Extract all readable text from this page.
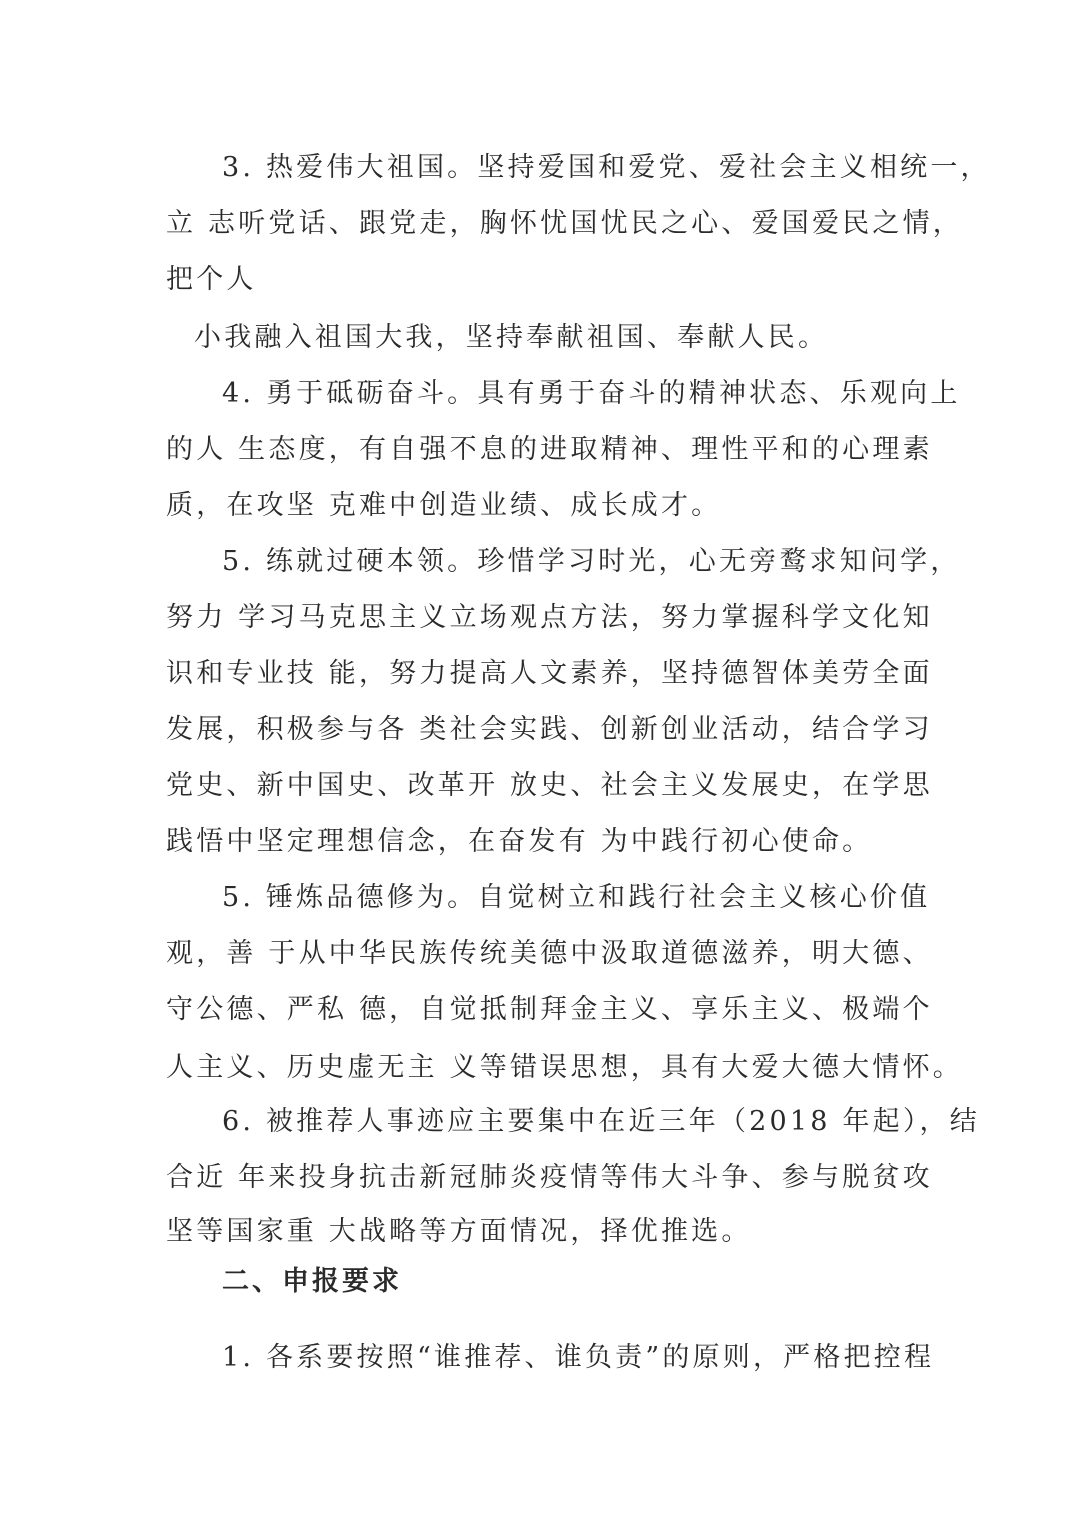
3. 热爱伟大祖国。坚持爱国和爱党、爱社会主义相统一，
立 志听党话、跟党走，胸怀忧国忧民之心、爱国爱民之情，
把个人
小我融入祖国大我，坚持奉献祖国、奉献人民。
4. 勇于砥砺奋斗。具有勇于奋斗的精神状态、乐观向上
的人 生态度，有自强不息的进取精神、理性平和的心理素
质，在攻坚 克难中创造业绩、成长成才。
5. 练就过硬本领。珍惜学习时光，心无旁鹜求知问学，
努力 学习马克思主义立场观点方法，努力掌握科学文化知
识和专业技 能，努力提高人文素养，坚持德智体美劳全面
发展，积极参与各 类社会实践、创新创业活动，结合学习
党史、新中国史、改革开 放史、社会主义发展史，在学思
践悟中坚定理想信念，在奋发有 为中践行初心使命。
5. 锤炼品德修为。自觉树立和践行社会主义核心价值
观，善 于从中华民族传统美德中汲取道德滋养，明大德、
守公德、严私 德，自觉抵制拜金主义、享乐主义、极端个
人主义、历史虚无主 义等错误思想，具有大爱大德大情怀。
6. 被推荐人事迹应主要集中在近三年（2018 年起），结
合近 年来投身抗击新冠肺炎疫情等伟大斗争、参与脱贫攻
坚等国家重 大战略等方面情况，择优推选。
二、申报要求
1. 各系要按照“谁推荐、谁负责”的原则，严格把控程
